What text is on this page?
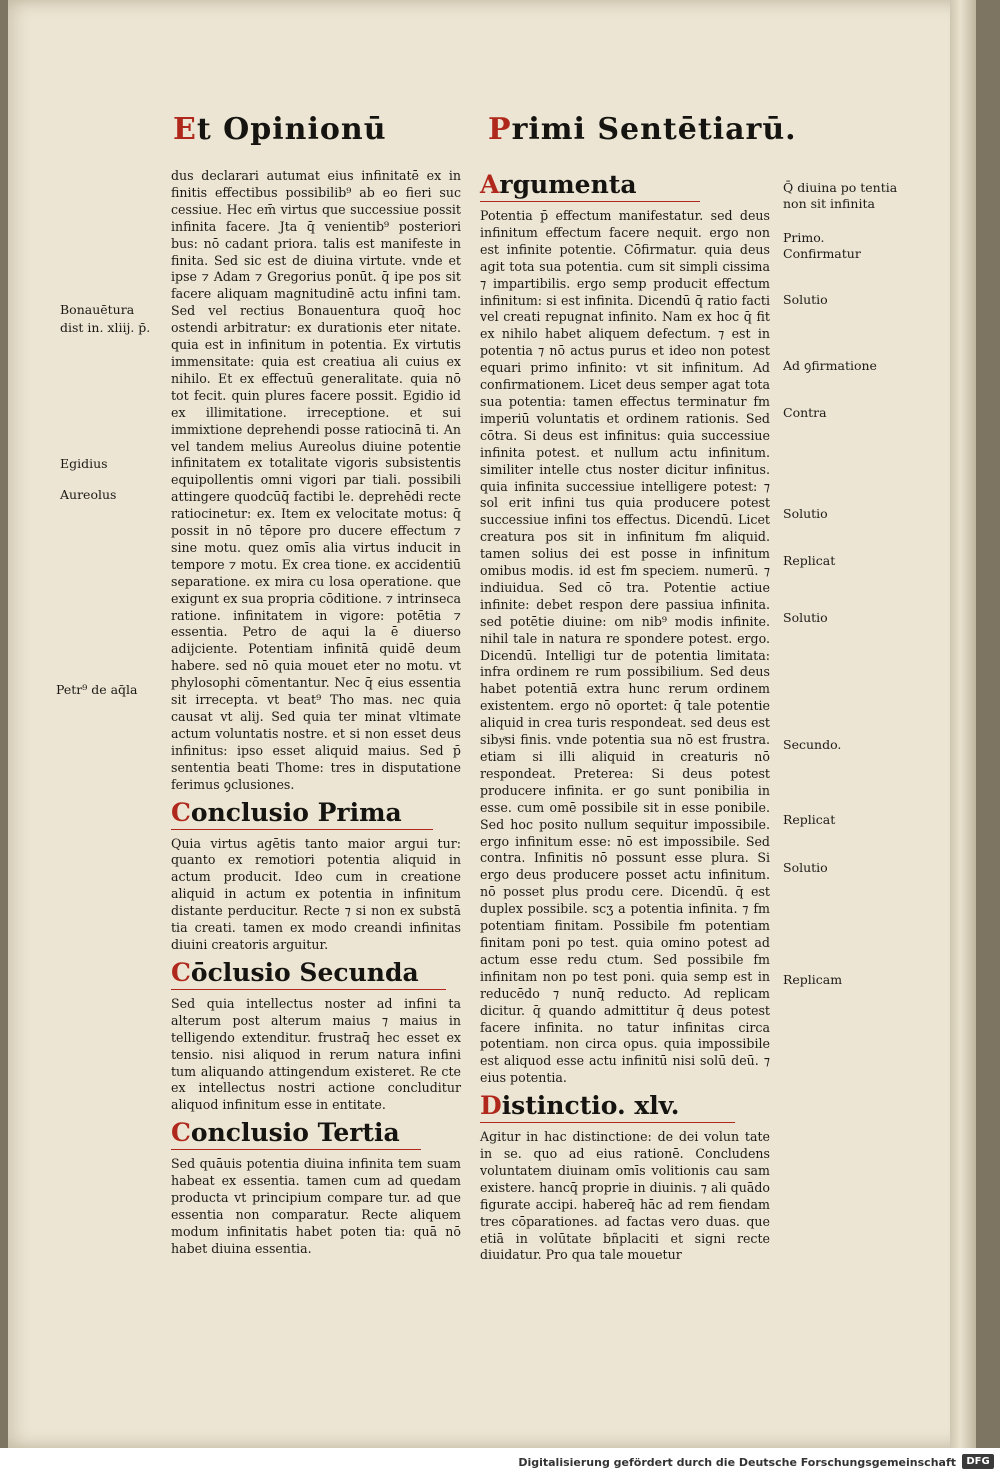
Et Opinionū	Primi Sentētiarū.

dus declarari autumat eius infinitatē ex in finitis effectibus possibilib⁹ ab eo fieri suc cessiue. Hec em̄ virtus que successiue possit infinita facere. Jta q̄ venientib⁹ posteriori bus: nō cadant priora. talis est manifeste in finita. Sed sic est de diuina virtute. vnde et ipse ⁊ Adam ⁊ Gregorius ponūt. q̄ ipe pos sit facere aliquam magnitudinē actu infini tam. Sed vel rectius Bonauentura quoq̄ hoc ostendi arbitratur: ex durationis eter nitate. quia est in infinitum in potentia. Ex virtutis immensitate: quia est creatiua ali cuius ex nihilo. Et ex effectuū generalitate. quia nō tot fecit. quin plures facere possit. Egidio id ex illimitatione. irreceptione. et sui immixtione deprehendi posse ratiocinā ti. An vel tandem melius Aureolus diuine potentie infinitatem ex totalitate vigoris subsistentis equipollentis omni vigori par tiali. possibili attingere quodcūq̄ factibi le. deprehēdi recte ratiocinetur: ex. Item ex velocitate motus: q̄ possit in nō tēpore pro ducere effectum ⁊ sine motu. quez omīs alia virtus inducit in tempore ⁊ motu. Ex crea tione. ex accidentiū separatione. ex mira cu losa operatione. que exigunt ex sua propria cōditione. ⁊ intrinseca ratione. infinitatem in vigore: potētia ⁊ essentia. Petro de aqui la ē diuerso adijciente. Potentiam infinitā quidē deum habere. sed nō quia mouet eter no motu. vt phylosophi cōmentantur. Nec q̄ eius essentia sit irrecepta. vt beat⁹ Tho mas. nec quia causat vt alij. Sed quia ter minat vltimate actum voluntatis nostre. et si non esset deus infinitus: ipso esset aliquid maius. Sed p̄ sententia beati Thome: tres in disputatione ferimus ꝯclusiones.

Conclusio Prima

Quia virtus agētis tanto maior argui tur: quanto ex remotiori potentia aliquid in actum producit. Ideo cum in creatione aliquid in actum ex potentia in infinitum distante perducitur. Recte ⁊ si non ex substā tia creati. tamen ex modo creandi infinitas diuini creatoris arguitur.

Cōclusio Secunda

Sed quia intellectus noster ad infini ta alterum post alterum maius ⁊ maius in telligendo extenditur. frustraq̄ hec esset ex tensio. nisi aliquod in rerum natura infini tum aliquando attingendum existeret. Re cte ex intellectus nostri actione concluditur aliquod infinitum esse in entitate.

Conclusio Tertia

Sed quāuis potentia diuina infinita tem suam habeat ex essentia. tamen cum ad quedam producta vt principium compare tur. ad que essentia non comparatur. Recte aliquem modum infinitatis habet poten tia: quā nō habet diuina essentia.

Argumenta

Potentia p̄ effectum manifestatur. sed deus infinitum effectum facere nequit. ergo non est infinite potentie. Cōfirmatur. quia deus agit tota sua potentia. cum sit simpli cissima ⁊ impartibilis. ergo semp producit effectum infinitum: si est infinita. Dicendū q̄ ratio facti vel creati repugnat infinito. Nam ex hoc q̄ fit ex nihilo habet aliquem defectum. ⁊ est in potentia ⁊ nō actus purus et ideo non potest equari primo infinito: vt sit infinitum. Ad confirmationem. Licet deus semper agat tota sua potentia: tamen effectus terminatur fm imperiū voluntatis et ordinem rationis. Sed cōtra. Si deus est infinitus: quia successiue infinita potest. et nullum actu infinitum. similiter intelle ctus noster dicitur infinitus. quia infinita successiue intelligere potest: ⁊ sol erit infini tus quia producere potest successiue infini tos effectus. Dicendū. Licet creatura pos sit in infinitum fm aliquid. tamen solius dei est posse in infinitum omibus modis. id est fm speciem. numerū. ⁊ indiuidua. Sed cō tra. Potentie actiue infinite: debet respon dere passiua infinita. sed potētie diuine: om nib⁹ modis infinite. nihil tale in natura re spondere potest. ergo. Dicendū. Intelligi tur de potentia limitata: infra ordinem re rum possibilium. Sed deus habet potentiā extra hunc rerum ordinem existentem. ergo nō oportet: q̄ tale potentie aliquid in crea turis respondeat. sed deus est sibyͣsi finis. vnde potentia sua nō est frustra. etiam si illi aliquid in creaturis nō respondeat. Preterea: Si deus potest producere infinita. er go sunt ponibilia in esse. cum omē possibile sit in esse ponibile. Sed hoc posito nullum sequitur impossibile. ergo infinitum esse: nō est impossibile. Sed contra. Infinitis nō possunt esse plura. Si ergo deus producere posset actu infinitum. nō posset plus produ cere. Dicendū. q̄ est duplex possibile. scʒ a potentia infinita. ⁊ fm potentiam finitam. Possibile fm potentiam finitam poni po test. quia omino potest ad actum esse redu ctum. Sed possibile fm infinitam non po test poni. quia semp est in reducēdo ⁊ nunq̄ reducto. Ad replicam dicitur. q̄ quando admittitur q̄ deus potest facere infinita. no tatur infinitas circa potentiam. non circa opus. quia impossibile est aliquod esse actu infinitū nisi solū deū. ⁊ eius potentia.

Distinctio. xlv.

Agitur in hac distinctione: de dei volun tate in se. quo ad eius rationē. Concludens voluntatem diuinam omīs volitionis cau sam existere. hancq̄ proprie in diuinis. ⁊ ali quādo figurate accipi. habereq̄ hāc ad rem fiendam tres cōparationes. ad factas vero duas. que etiā in volūtate bñplaciti et signi recte diuidatur. Pro qua tale mouetur

Bonauētura
dist in. xliij. p̄.
Egidius
Aureolus
Petr⁹ de aq̄la
Q̄ diuina po tentia non sit infinita
Primo.
Confirmatur
Solutio
Ad ꝯfirmatione
Contra
Solutio
Replicat
Solutio
Secundo.
Replicat
Solutio
Replicam
Digitalisierung gefördert durch die Deutsche Forschungsgemeinschaft	DFG
